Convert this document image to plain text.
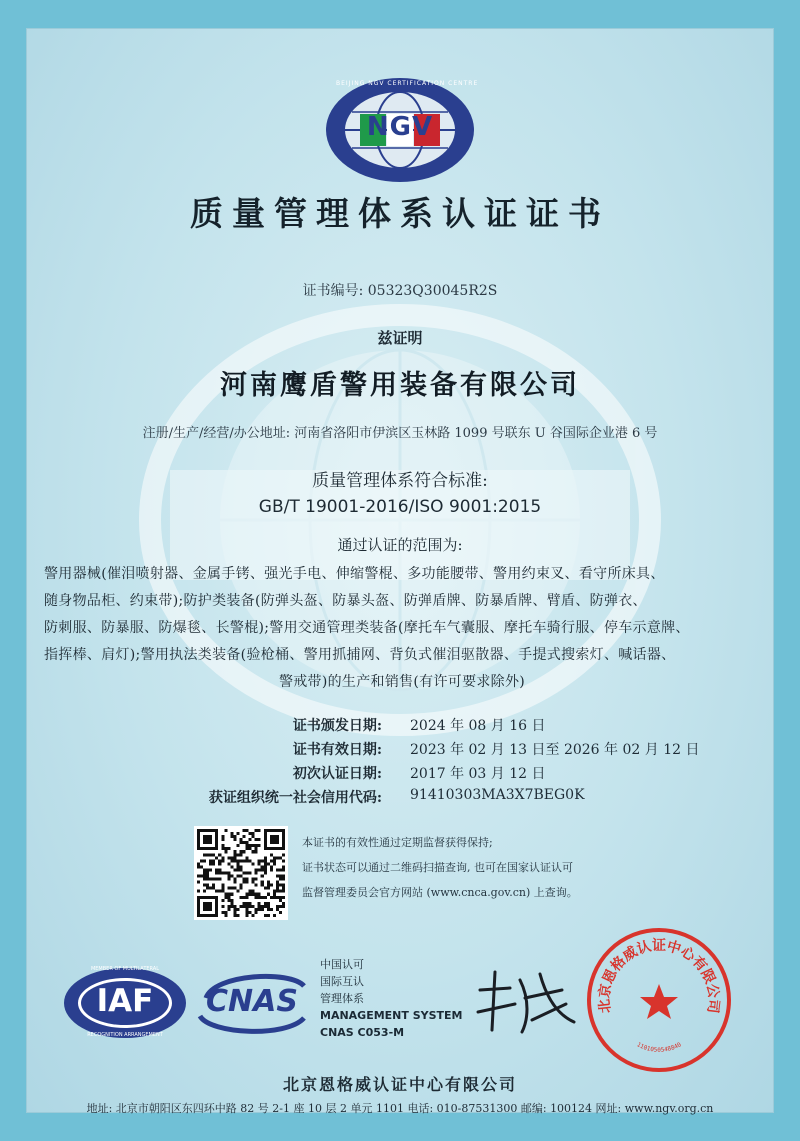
NGV
BEIJING NGV CERTIFICATION CENTRE
质量管理体系认证证书
证书编号: 05323Q30045R2S
兹证明
河南鹰盾警用装备有限公司
注册/生产/经营/办公地址: 河南省洛阳市伊滨区玉林路 1099 号联东 U 谷国际企业港 6 号
质量管理体系符合标准:
GB/T 19001-2016/ISO 9001:2015
通过认证的范围为:
警用器械(催泪喷射器、金属手铐、强光手电、伸缩警棍、多功能腰带、警用约束叉、看守所床具、
随身物品柜、约束带);防护类装备(防弹头盔、防暴头盔、防弹盾牌、防暴盾牌、臂盾、防弹衣、
防刺服、防暴服、防爆毯、长警棍);警用交通管理类装备(摩托车气囊服、摩托车骑行服、停车示意牌、
指挥棒、肩灯);警用执法类装备(验枪桶、警用抓捕网、背负式催泪驱散器、手提式搜索灯、喊话器、
警戒带)的生产和销售(有许可要求除外)
证书颁发日期: 2024 年 08 月 16 日
证书有效日期: 2023 年 02 月 13 日至 2026 年 02 月 12 日
初次认证日期: 2017 年 03 月 12 日
获证组织统一社会信用代码: 91410303MA3X7BEG0K
本证书的有效性通过定期监督获得保持;
证书状态可以通过二维码扫描查询, 也可在国家认证认可
监督管理委员会官方网站 (www.cnca.gov.cn) 上查询。
IAF
MEMBER OF MULTILATERAL
RECOGNITION ARRANGEMENT
CNAS
中国认可
国际互认
管理体系
MANAGEMENT SYSTEM
CNAS C053-M
北京恩格威认证中心有限公司
1101050548840
北京恩格威认证中心有限公司
地址: 北京市朝阳区东四环中路 82 号 2-1 座 10 层 2 单元 1101 电话: 010-87531300 邮编: 100124 网址: www.ngv.org.cn
